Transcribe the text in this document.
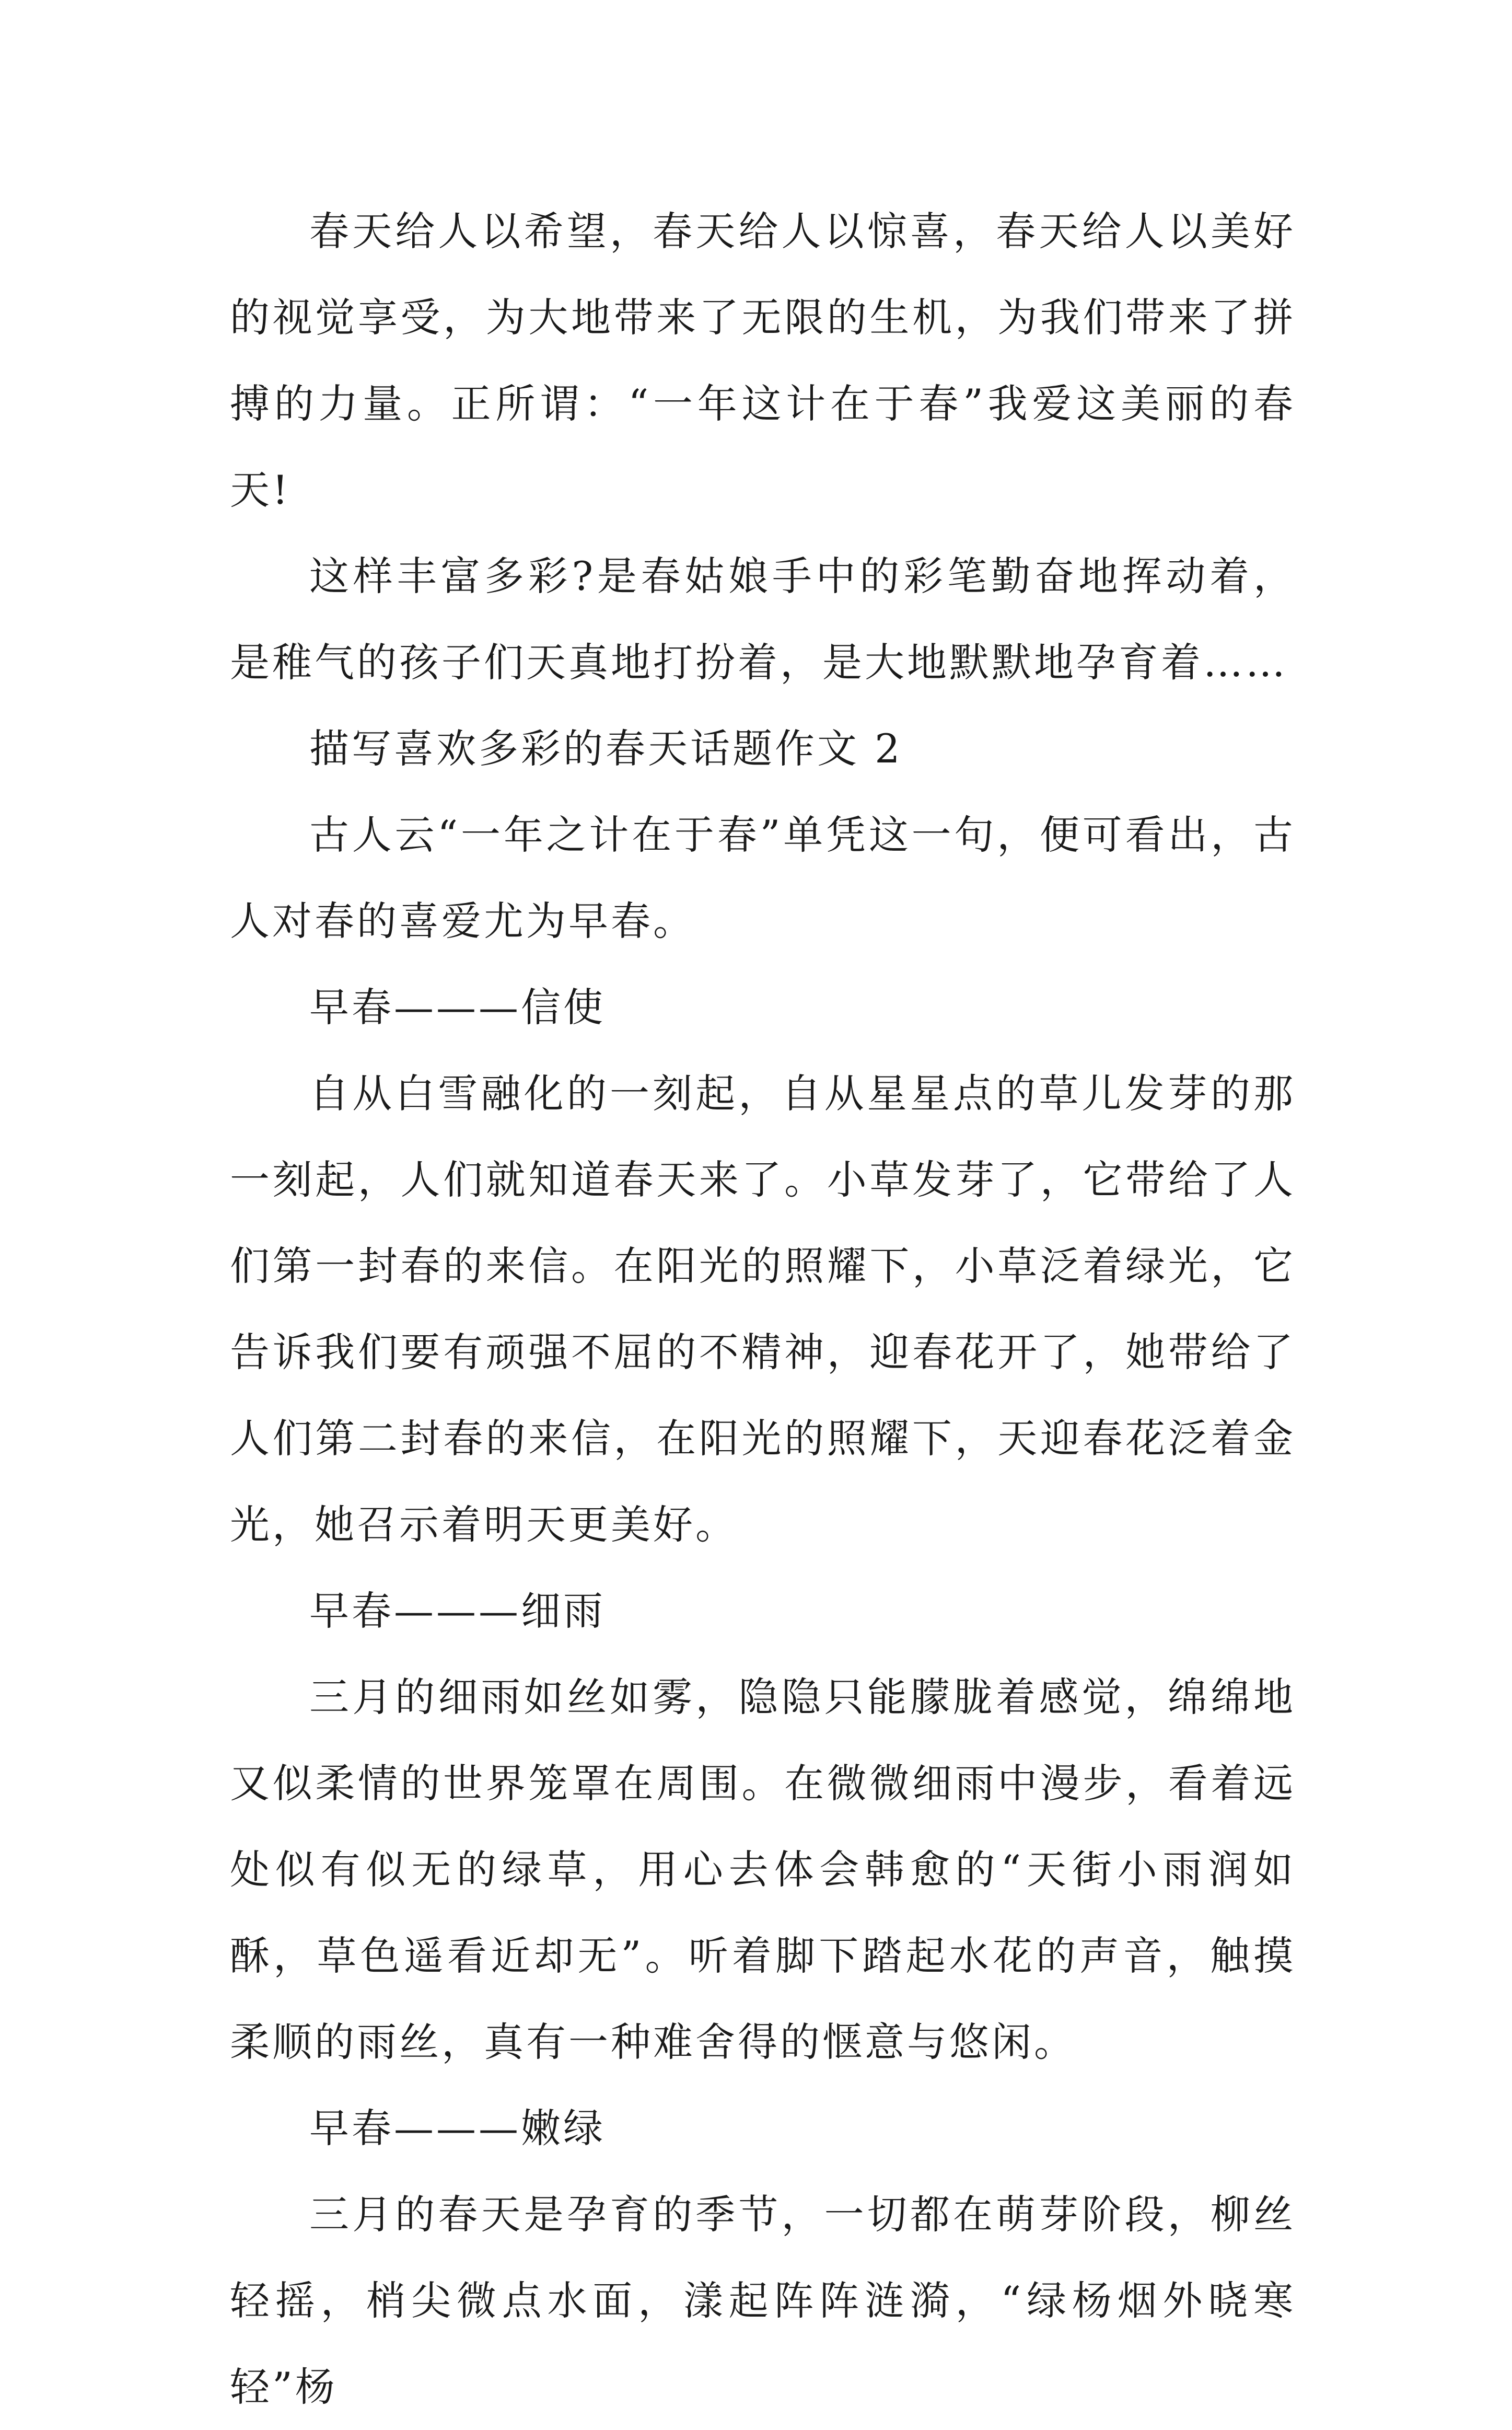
春天给人以希望，春天给人以惊喜，春天给人以美好的视觉享受，为大地带来了无限的生机，为我们带来了拼搏的力量。正所谓：“一年这计在于春”我爱这美丽的春天!

这样丰富多彩?是春姑娘手中的彩笔勤奋地挥动着，是稚气的孩子们天真地打扮着，是大地默默地孕育着……

描写喜欢多彩的春天话题作文 2

古人云“一年之计在于春”单凭这一句，便可看出，古人对春的喜爱尤为早春。

早春———信使

自从白雪融化的一刻起，自从星星点的草儿发芽的那一刻起，人们就知道春天来了。小草发芽了，它带给了人们第一封春的来信。在阳光的照耀下，小草泛着绿光，它告诉我们要有顽强不屈的不精神，迎春花开了，她带给了人们第二封春的来信，在阳光的照耀下，天迎春花泛着金光，她召示着明天更美好。

早春———细雨

三月的细雨如丝如雾，隐隐只能朦胧着感觉，绵绵地又似柔情的世界笼罩在周围。在微微细雨中漫步，看着远处似有似无的绿草，用心去体会韩愈的“天街小雨润如酥，草色遥看近却无”。听着脚下踏起水花的声音，触摸柔顺的雨丝，真有一种难舍得的惬意与悠闲。

早春———嫩绿

三月的春天是孕育的季节，一切都在萌芽阶段，柳丝轻摇，梢尖微点水面，漾起阵阵涟漪，“绿杨烟外晓寒轻”杨
